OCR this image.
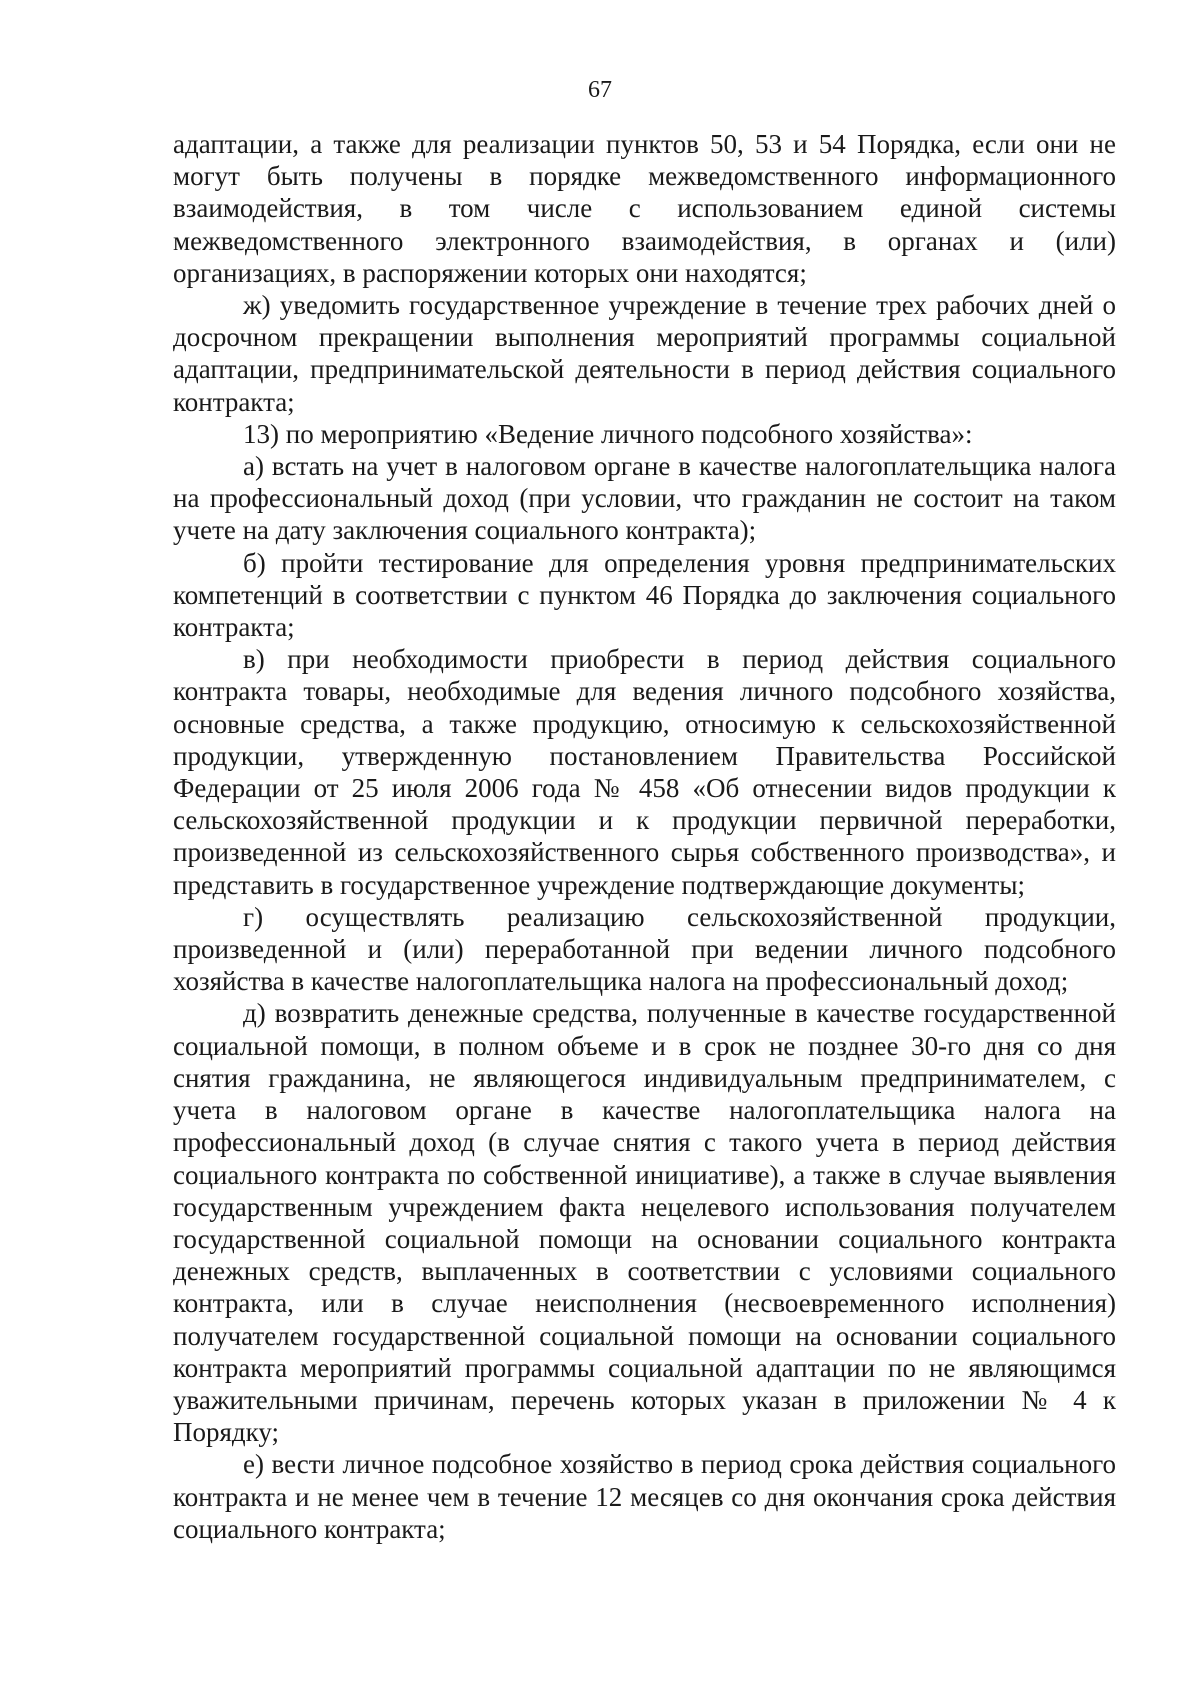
67

адаптации, а также для реализации пунктов 50, 53 и 54 Порядка, если они не могут быть получены в порядке межведомственного информационного взаимодействия, в том числе с использованием единой системы межведомственного электронного взаимодействия, в органах и (или) организациях, в распоряжении которых они находятся;

ж) уведомить государственное учреждение в течение трех рабочих дней о досрочном прекращении выполнения мероприятий программы социальной адаптации, предпринимательской деятельности в период действия социального контракта;

13) по мероприятию «Ведение личного подсобного хозяйства»:

а) встать на учет в налоговом органе в качестве налогоплательщика налога на профессиональный доход (при условии, что гражданин не состоит на таком учете на дату заключения социального контракта);

б) пройти тестирование для определения уровня предпринимательских компетенций в соответствии с пунктом 46 Порядка до заключения социального контракта;

в) при необходимости приобрести в период действия социального контракта товары, необходимые для ведения личного подсобного хозяйства, основные средства, а также продукцию, относимую к сельскохозяйственной продукции, утвержденную постановлением Правительства Российской Федерации от 25 июля 2006 года № 458 «Об отнесении видов продукции к сельскохозяйственной продукции и к продукции первичной переработки, произведенной из сельскохозяйственного сырья собственного производства», и представить в государственное учреждение подтверждающие документы;

г) осуществлять реализацию сельскохозяйственной продукции, произведенной и (или) переработанной при ведении личного подсобного хозяйства в качестве налогоплательщика налога на профессиональный доход;

д) возвратить денежные средства, полученные в качестве государственной социальной помощи, в полном объеме и в срок не позднее 30-го дня со дня снятия гражданина, не являющегося индивидуальным предпринимателем, с учета в налоговом органе в качестве налогоплательщика налога на профессиональный доход (в случае снятия с такого учета в период действия социального контракта по собственной инициативе), а также в случае выявления государственным учреждением факта нецелевого использования получателем государственной социальной помощи на основании социального контракта денежных средств, выплаченных в соответствии с условиями социального контракта, или в случае неисполнения (несвоевременного исполнения) получателем государственной социальной помощи на основании социального контракта мероприятий программы социальной адаптации по не являющимся уважительными причинам, перечень которых указан в приложении № 4 к Порядку;

е) вести личное подсобное хозяйство в период срока действия социального контракта и не менее чем в течение 12 месяцев со дня окончания срока действия социального контракта;
